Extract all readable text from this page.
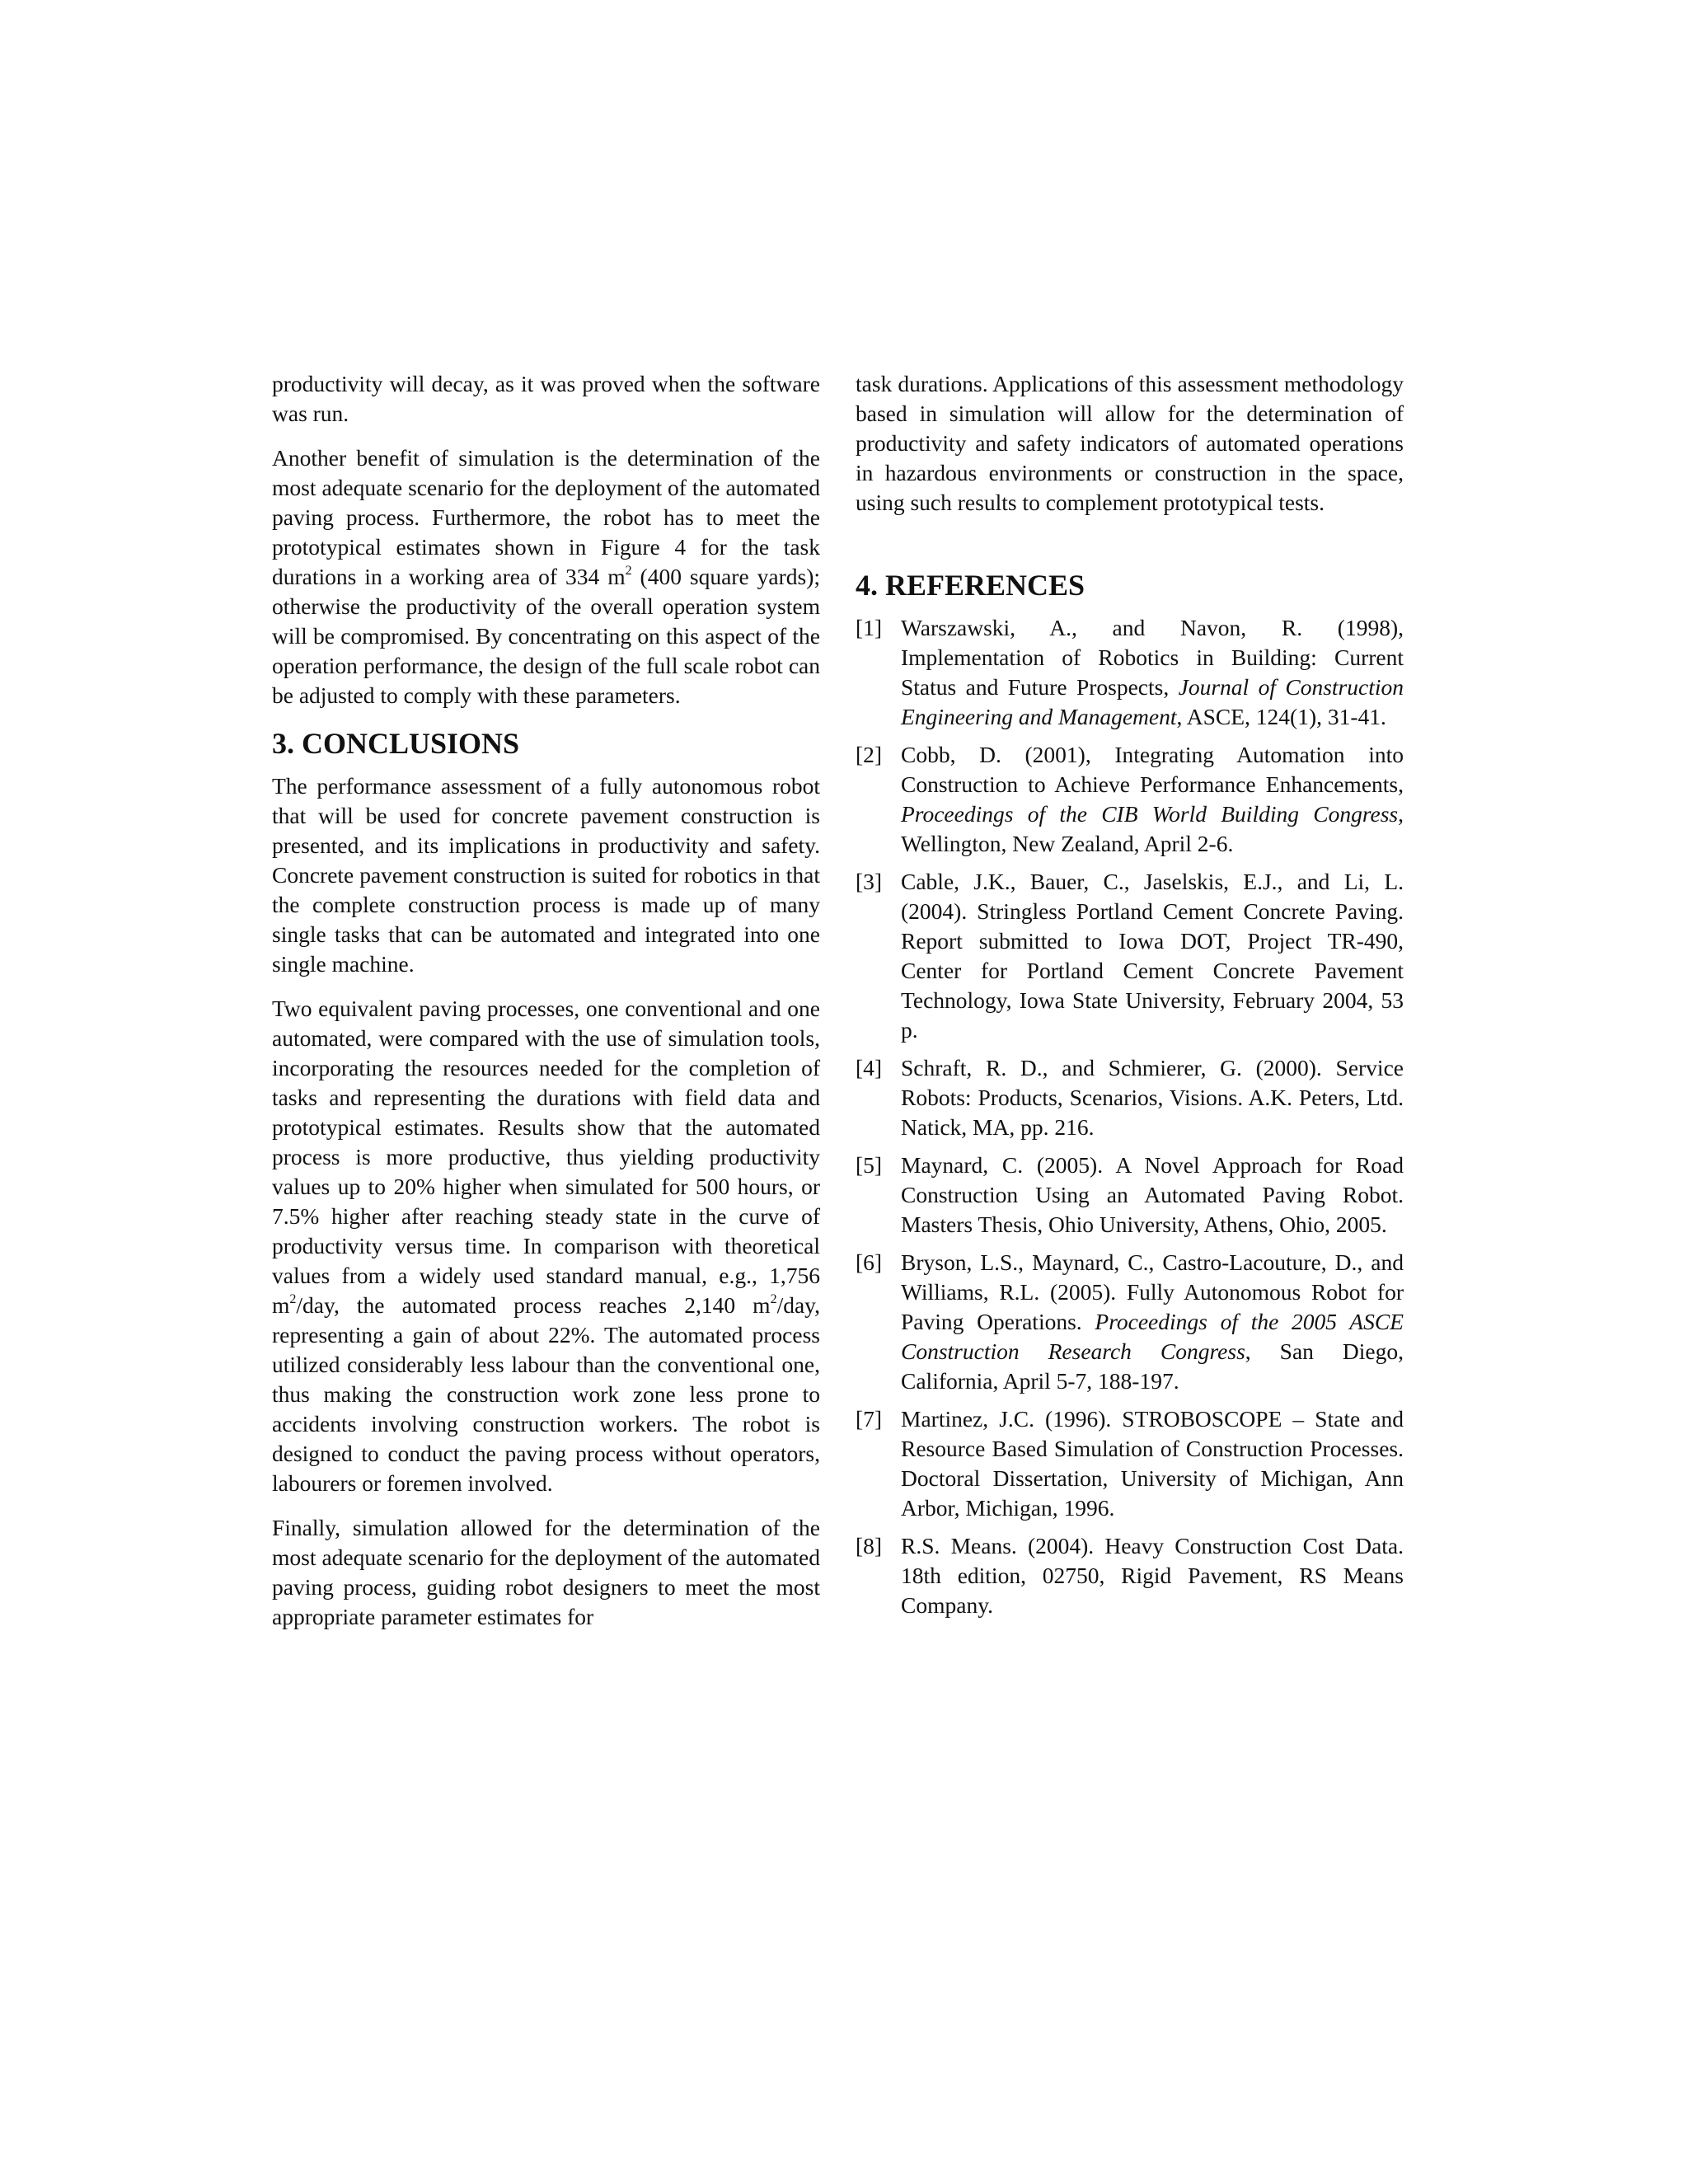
productivity will decay, as it was proved when the software was run.

Another benefit of simulation is the determination of the most adequate scenario for the deployment of the automated paving process. Furthermore, the robot has to meet the prototypical estimates shown in Figure 4 for the task durations in a working area of 334 $m^2$ (400 square yards); otherwise the productivity of the overall operation system will be compromised. By concentrating on this aspect of the operation performance, the design of the full scale robot can be adjusted to comply with these parameters.

3. CONCLUSIONS

The performance assessment of a fully autonomous robot that will be used for concrete pavement construction is presented, and its implications in productivity and safety. Concrete pavement construction is suited for robotics in that the complete construction process is made up of many single tasks that can be automated and integrated into one single machine.

Two equivalent paving processes, one conventional and one automated, were compared with the use of simulation tools, incorporating the resources needed for the completion of tasks and representing the durations with field data and prototypical estimates. Results show that the automated process is more productive, thus yielding productivity values up to 20% higher when simulated for 500 hours, or 7.5% higher after reaching steady state in the curve of productivity versus time. In comparison with theoretical values from a widely used standard manual, e.g., 1,756 $m^2$/day, the automated process reaches 2,140 $m^2$/day, representing a gain of about 22%. The automated process utilized considerably less labour than the conventional one, thus making the construction work zone less prone to accidents involving construction workers. The robot is designed to conduct the paving process without operators, labourers or foremen involved.

Finally, simulation allowed for the determination of the most adequate scenario for the deployment of the automated paving process, guiding robot designers to meet the most appropriate parameter estimates for

task durations. Applications of this assessment methodology based in simulation will allow for the determination of productivity and safety indicators of automated operations in hazardous environments or construction in the space, using such results to complement prototypical tests.

4. REFERENCES
[1] Warszawski, A., and Navon, R. (1998), Implementation of Robotics in Building: Current Status and Future Prospects, Journal of Construction Engineering and Management, ASCE, 124(1), 31-41.
[2] Cobb, D. (2001), Integrating Automation into Construction to Achieve Performance Enhancements, Proceedings of the CIB World Building Congress, Wellington, New Zealand, April 2-6.
[3] Cable, J.K., Bauer, C., Jaselskis, E.J., and Li, L. (2004). Stringless Portland Cement Concrete Paving. Report submitted to Iowa DOT, Project TR-490, Center for Portland Cement Concrete Pavement Technology, Iowa State University, February 2004, 53 p.
[4] Schraft, R. D., and Schmierer, G. (2000). Service Robots: Products, Scenarios, Visions. A.K. Peters, Ltd. Natick, MA, pp. 216.
[5] Maynard, C. (2005). A Novel Approach for Road Construction Using an Automated Paving Robot. Masters Thesis, Ohio University, Athens, Ohio, 2005.
[6] Bryson, L.S., Maynard, C., Castro-Lacouture, D., and Williams, R.L. (2005). Fully Autonomous Robot for Paving Operations. Proceedings of the 2005 ASCE Construction Research Congress, San Diego, California, April 5-7, 188-197.
[7] Martinez, J.C. (1996). STROBOSCOPE – State and Resource Based Simulation of Construction Processes. Doctoral Dissertation, University of Michigan, Ann Arbor, Michigan, 1996.
[8] R.S. Means. (2004). Heavy Construction Cost Data. 18th edition, 02750, Rigid Pavement, RS Means Company.
